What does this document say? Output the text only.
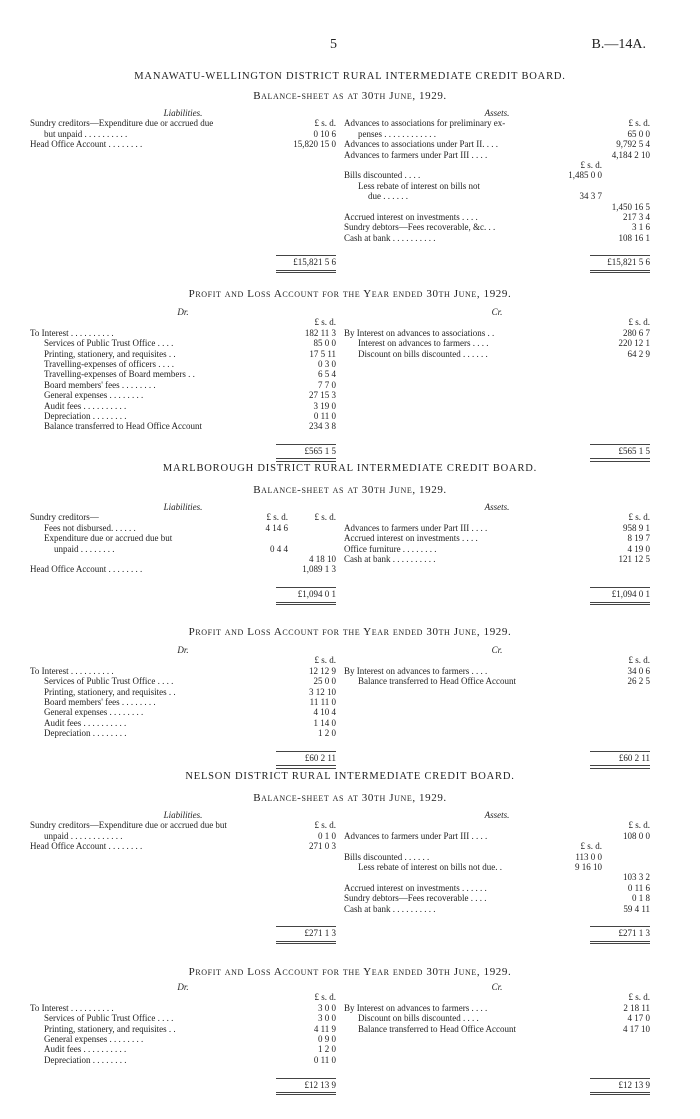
5	B.—14A.
MANAWATU-WELLINGTON DISTRICT RURAL INTERMEDIATE CREDIT BOARD.
Balance-sheet as at 30th June, 1929.
Liabilities.
Sundry creditors—Expenditure due or accrued due	£ s. d.
but unpaid . . . . . . . . . .	0 10 6
Head Office Account . . . . . . . .	15,820 15 0
£15,821 5 6
Assets.
Advances to associations for preliminary ex-	£ s. d.
penses . . . . . . . . . . . .	65 0 0
Advances to associations under Part II. . . .	9,792 5 4
Advances to farmers under Part III . . . .	4,184 2 10
£ s. d.
Bills discounted . . . .	1,485 0 0
Less rebate of interest on bills not
due . . . . . .	34 3 7
1,450 16 5
Accrued interest on investments . . . .	217 3 4
Sundry debtors—Fees recoverable, &c. . .	3 1 6
Cash at bank . . . . . . . . . .	108 16 1
£15,821 5 6
Profit and Loss Account for the Year ended 30th June, 1929.
Dr.
£ s. d.
To Interest . . . . . . . . . .	182 11 3
Services of Public Trust Office . . . .	85 0 0
Printing, stationery, and requisites . .	17 5 11
Travelling-expenses of officers . . . .	0 3 0
Travelling-expenses of Board members . .	6 5 4
Board members' fees . . . . . . . .	7 7 0
General expenses . . . . . . . .	27 15 3
Audit fees . . . . . . . . . .	3 19 0
Depreciation . . . . . . . .	0 11 0
Balance transferred to Head Office Account	234 3 8
£565 1 5
Cr.
£ s. d.
By Interest on advances to associations . .	280 6 7
Interest on advances to farmers . . . .	220 12 1
Discount on bills discounted . . . . . .	64 2 9
£565 1 5
MARLBOROUGH DISTRICT RURAL INTERMEDIATE CREDIT BOARD.
Balance-sheet as at 30th June, 1929.
Liabilities.
Sundry creditors—	£ s. d.	£ s. d.
Fees not disbursed. . . . . .	4 14 6
Expenditure due or accrued due but
unpaid . . . . . . . .	0 4 4
4 18 10
Head Office Account . . . . . . . .	1,089 1 3
£1,094 0 1
Assets.
£ s. d.
Advances to farmers under Part III . . . .	958 9 1
Accrued interest on investments . . . .	8 19 7
Office furniture . . . . . . . .	4 19 0
Cash at bank . . . . . . . . . .	121 12 5
£1,094 0 1
Profit and Loss Account for the Year ended 30th June, 1929.
Dr.
£ s. d.
To Interest . . . . . . . . . .	12 12 9
Services of Public Trust Office . . . .	25 0 0
Printing, stationery, and requisites . .	3 12 10
Board members' fees . . . . . . . .	11 11 0
General expenses . . . . . . . .	4 10 4
Audit fees . . . . . . . . . .	1 14 0
Depreciation . . . . . . . .	1 2 0
£60 2 11
Cr.
£ s. d.
By Interest on advances to farmers . . . .	34 0 6
Balance transferred to Head Office Account	26 2 5
£60 2 11
NELSON DISTRICT RURAL INTERMEDIATE CREDIT BOARD.
Balance-sheet as at 30th June, 1929.
Liabilities.
Sundry creditors—Expenditure due or accrued due but	£ s. d.
unpaid . . . . . . . . . . . .	0 1 0
Head Office Account . . . . . . . .	271 0 3
£271 1 3
Assets.
£ s. d.
Advances to farmers under Part III . . . .	108 0 0
£ s. d.
Bills discounted . . . . . .	113 0 0
Less rebate of interest on bills not due. .	9 16 10
103 3 2
Accrued interest on investments . . . . . .	0 11 6
Sundry debtors—Fees recoverable . . . .	0 1 8
Cash at bank . . . . . . . . . .	59 4 11
£271 1 3
Profit and Loss Account for the Year ended 30th June, 1929.
Dr.
£ s. d.
To Interest . . . . . . . . . .	3 0 0
Services of Public Trust Office . . . .	3 0 0
Printing, stationery, and requisites . .	4 11 9
General expenses . . . . . . . .	0 9 0
Audit fees . . . . . . . . . .	1 2 0
Depreciation . . . . . . . .	0 11 0
£12 13 9
Cr.
£ s. d.
By Interest on advances to farmers . . . .	2 18 11
Discount on bills discounted . . . .	4 17 0
Balance transferred to Head Office Account	4 17 10
£12 13 9
